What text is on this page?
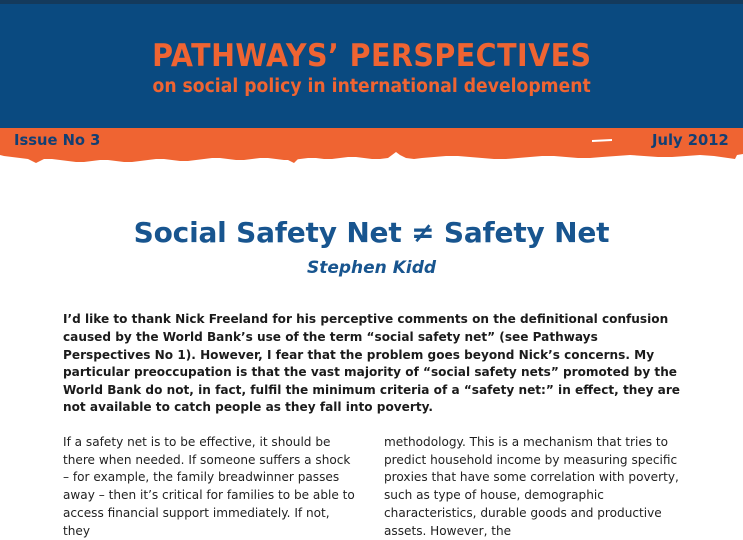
PATHWAYS’ PERSPECTIVES
on social policy in international development
Issue No 3	July 2012
Social Safety Net ≠ Safety Net
Stephen Kidd
I’d like to thank Nick Freeland for his perceptive comments on the definitional confusion caused by the World Bank’s use of the term “social safety net” (see Pathways Perspectives No 1). However, I fear that the problem goes beyond Nick’s concerns. My particular preoccupation is that the vast majority of “social safety nets” promoted by the World Bank do not, in fact, fulfil the minimum criteria of a “safety net:” in effect, they are not available to catch people as they fall into poverty.

If a safety net is to be effective, it should be there when needed. If someone suffers a shock – for example, the family breadwinner passes away – then it’s critical for families to be able to access financial support immediately. If not, they

methodology. This is a mechanism that tries to predict household income by measuring specific proxies that have some correlation with poverty, such as type of house, demographic characteristics, durable goods and productive assets. However, the
